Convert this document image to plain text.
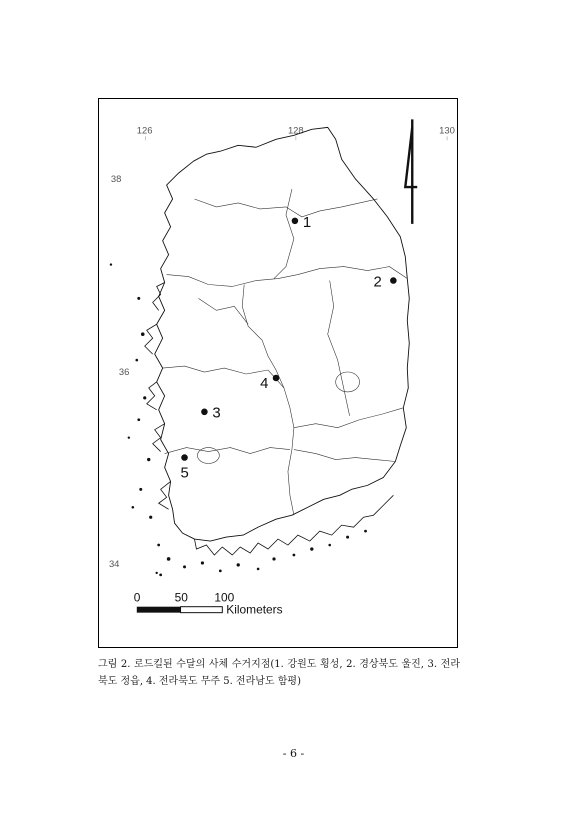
126	128	130
38
36
34
1
2
3
4
5
0	50 100
Kilometers
그림 2. 로드킬된 수달의 사체 수거지점(1. 강원도 횡성, 2. 경상북도 울진, 3. 전라북도 정읍, 4. 전라북도 무주 5. 전라남도 함평)
- 6 -
